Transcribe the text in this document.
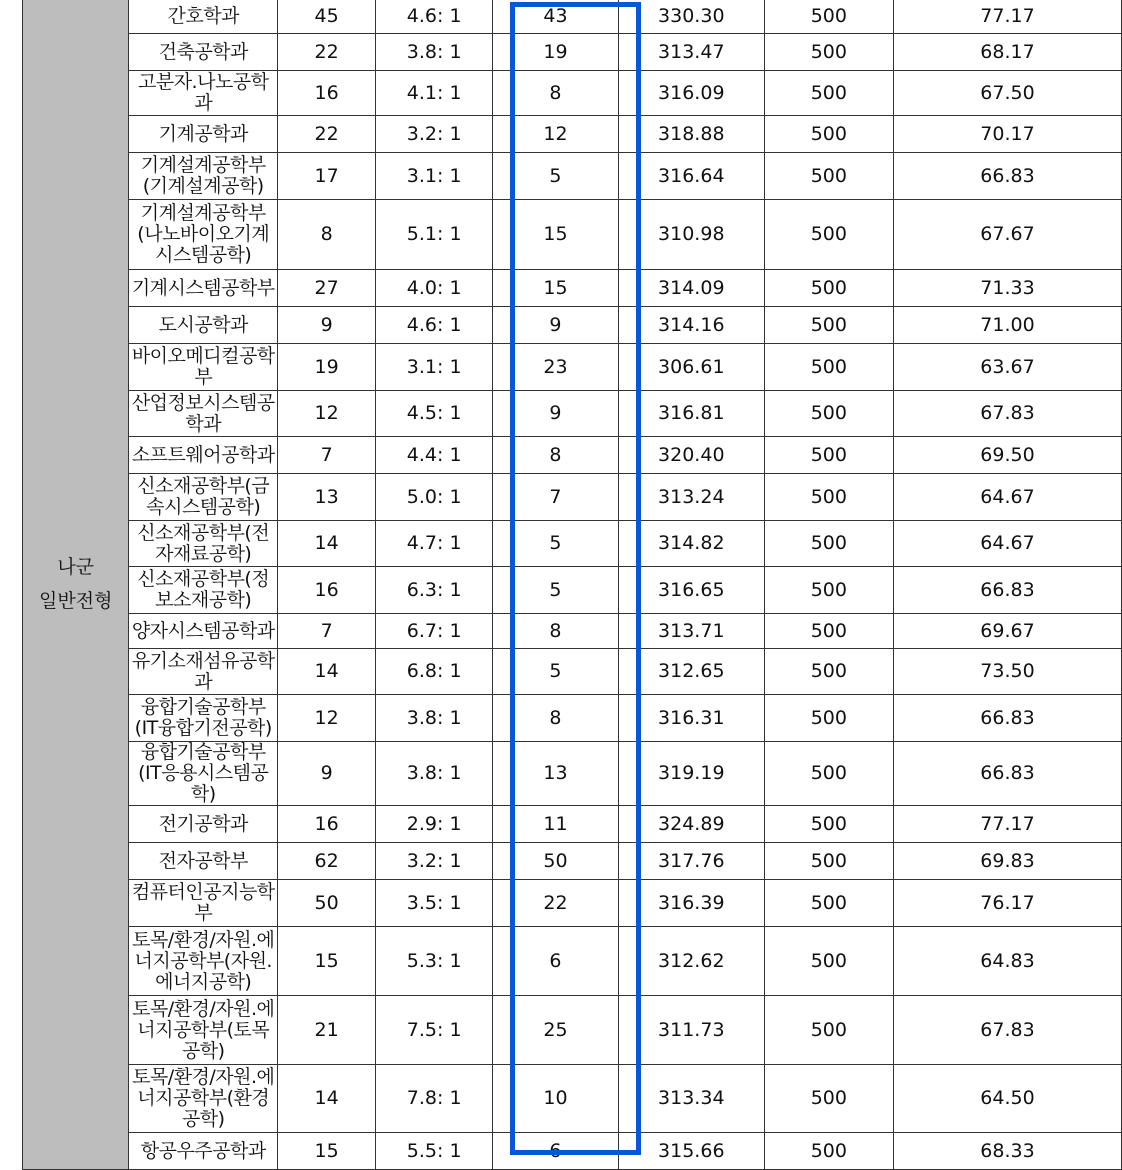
나군
일반전형	간호학과	45	4.6: 1	43	330.30	500	77.17
	건축공학과	22	3.8: 1	19	313.47	500	68.17
	고분자.나노공학과	16	4.1: 1	8	316.09	500	67.50
	기계공학과	22	3.2: 1	12	318.88	500	70.17
	기계설계공학부(기계설계공학)	17	3.1: 1	5	316.64	500	66.83
	기계설계공학부(나노바이오기계시스템공학)	8	5.1: 1	15	310.98	500	67.67
	기계시스템공학부	27	4.0: 1	15	314.09	500	71.33
	도시공학과	9	4.6: 1	9	314.16	500	71.00
	바이오메디컬공학부	19	3.1: 1	23	306.61	500	63.67
	산업정보시스템공학과	12	4.5: 1	9	316.81	500	67.83
	소프트웨어공학과	7	4.4: 1	8	320.40	500	69.50
	신소재공학부(금속시스템공학)	13	5.0: 1	7	313.24	500	64.67
	신소재공학부(전자재료공학)	14	4.7: 1	5	314.82	500	64.67
	신소재공학부(정보소재공학)	16	6.3: 1	5	316.65	500	66.83
	양자시스템공학과	7	6.7: 1	8	313.71	500	69.67
	유기소재섬유공학과	14	6.8: 1	5	312.65	500	73.50
	융합기술공학부(IT융합기전공학)	12	3.8: 1	8	316.31	500	66.83
	융합기술공학부(IT응용시스템공학)	9	3.8: 1	13	319.19	500	66.83
	전기공학과	16	2.9: 1	11	324.89	500	77.17
	전자공학부	62	3.2: 1	50	317.76	500	69.83
	컴퓨터인공지능학부	50	3.5: 1	22	316.39	500	76.17
	토목/환경/자원.에너지공학부(자원.에너지공학)	15	5.3: 1	6	312.62	500	64.83
	토목/환경/자원.에너지공학부(토목공학)	21	7.5: 1	25	311.73	500	67.83
	토목/환경/자원.에너지공학부(환경공학)	14	7.8: 1	10	313.34	500	64.50
	항공우주공학과	15	5.5: 1	6	315.66	500	68.33
